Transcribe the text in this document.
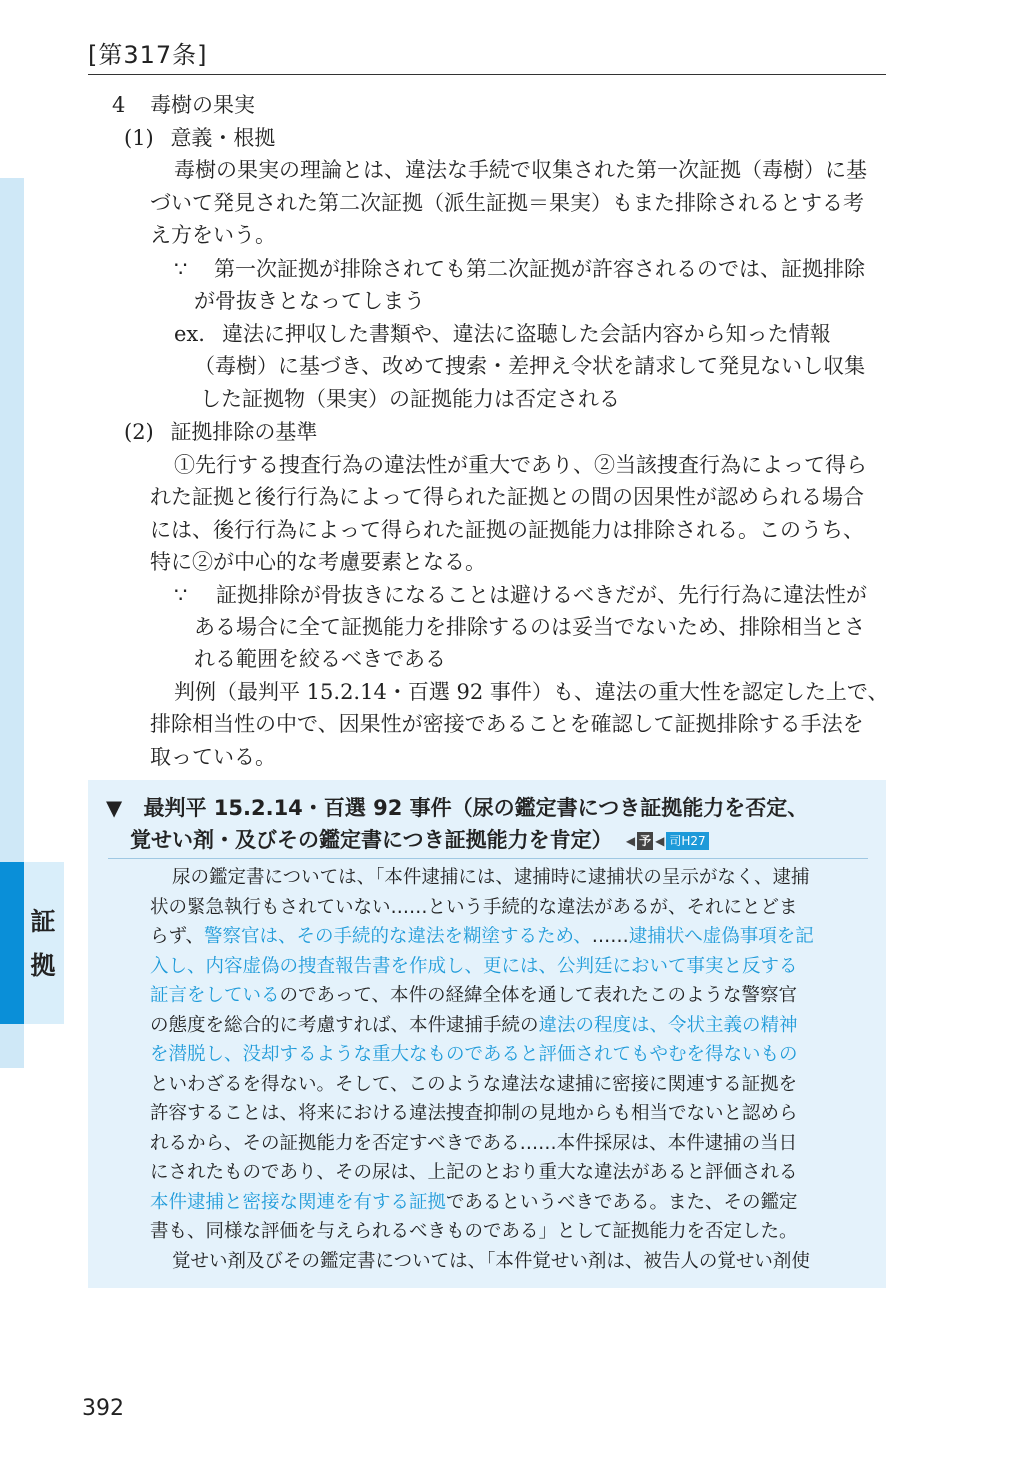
[第317条]
証
拠
4 毒樹の果実
(1) 意義・根拠
毒樹の果実の理論とは、違法な手続で収集された第一次証拠（毒樹）に基
づいて発見された第二次証拠（派生証拠＝果実）もまた排除されるとする考
え方をいう。
∵ 第一次証拠が排除されても第二次証拠が許容されるのでは、証拠排除
が骨抜きとなってしまう
ex. 違法に押収した書類や、違法に盗聴した会話内容から知った情報
（毒樹）に基づき、改めて捜索・差押え令状を請求して発見ないし収集
した証拠物（果実）の証拠能力は否定される
(2) 証拠排除の基準
①先行する捜査行為の違法性が重大であり、②当該捜査行為によって得ら
れた証拠と後行行為によって得られた証拠との間の因果性が認められる場合
には、後行行為によって得られた証拠の証拠能力は排除される。このうち、
特に②が中心的な考慮要素となる。
∵ 証拠排除が骨抜きになることは避けるべきだが、先行行為に違法性が
ある場合に全て証拠能力を排除するのは妥当でないため、排除相当とさ
れる範囲を絞るべきである
判例（最判平 15.2.14・百選 92 事件）も、違法の重大性を認定した上で、
排除相当性の中で、因果性が密接であることを確認して証拠排除する手法を
取っている。
▼ 最判平 15.2.14・百選 92 事件（尿の鑑定書につき証拠能力を否定、
覚せい剤・及びその鑑定書につき証拠能力を肯定） ◀ 予 ◀ 司H27
尿の鑑定書については、「本件逮捕には、逮捕時に逮捕状の呈示がなく、逮捕
状の緊急執行もされていない……という手続的な違法があるが、それにとどま
らず、警察官は、その手続的な違法を糊塗するため、……逮捕状へ虚偽事項を記
入し、内容虚偽の捜査報告書を作成し、更には、公判廷において事実と反する
証言をしているのであって、本件の経緯全体を通して表れたこのような警察官
の態度を総合的に考慮すれば、本件逮捕手続の違法の程度は、令状主義の精神
を潜脱し、没却するような重大なものであると評価されてもやむを得ないもの
といわざるを得ない。そして、このような違法な逮捕に密接に関連する証拠を
許容することは、将来における違法捜査抑制の見地からも相当でないと認めら
れるから、その証拠能力を否定すべきである……本件採尿は、本件逮捕の当日
にされたものであり、その尿は、上記のとおり重大な違法があると評価される
本件逮捕と密接な関連を有する証拠であるというべきである。また、その鑑定
書も、同様な評価を与えられるべきものである」として証拠能力を否定した。
覚せい剤及びその鑑定書については、「本件覚せい剤は、被告人の覚せい剤使
392
